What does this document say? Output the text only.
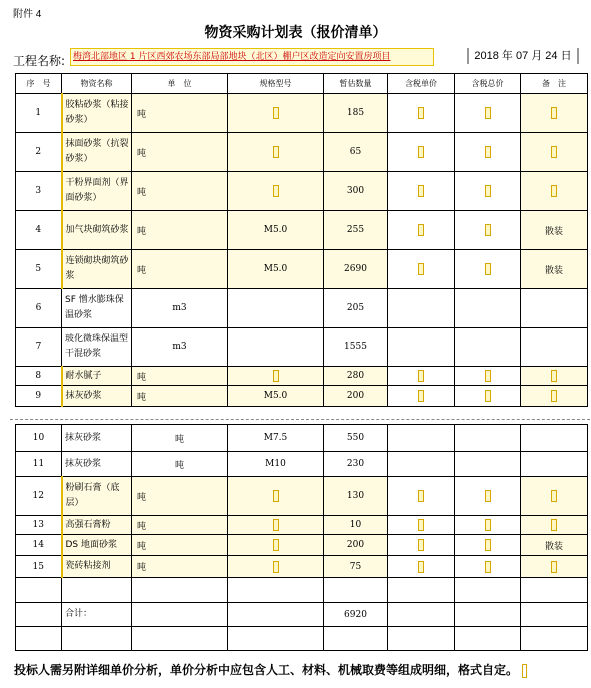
附件 4
物资采购计划表（报价清单）
工程名称: 梅湾北部地区 1 片区西郊农场东部局部地块（北区）棚户区改造定向安置房项目	2018 年 07 月 24 日
序　号	物资名称	单　位	规格型号	暂估数量	含税单价	含税总价	备　注
1	胶粘砂浆（粘接砂浆）	吨		185			
2	抹面砂浆（抗裂砂浆）	吨		65			
3	干粉界面剂（界面砂浆）	吨		300			
4	加气块砌筑砂浆	吨	M5.0	255			散装
5	连锁砌块砌筑砂浆	吨	M5.0	2690			散装
6	SF 憎水膨珠保温砂浆	m3		205			
7	玻化微珠保温型干混砂浆	m3		1555			
8	耐水腻子	吨		280			
9	抹灰砂浆	吨	M5.0	200			
10	抹灰砂浆	吨	M7.5	550			
11	抹灰砂浆	吨	M10	230			
12	粉刷石膏（底层）	吨		130			
13	高强石膏粉	吨		10			
14	DS 地面砂浆	吨		200			散装
15	瓷砖粘接剂	吨		75			

	合计：			6920			

投标人需另附详细单价分析，单价分析中应包含人工、材料、机械取费等组成明细，格式自定。
